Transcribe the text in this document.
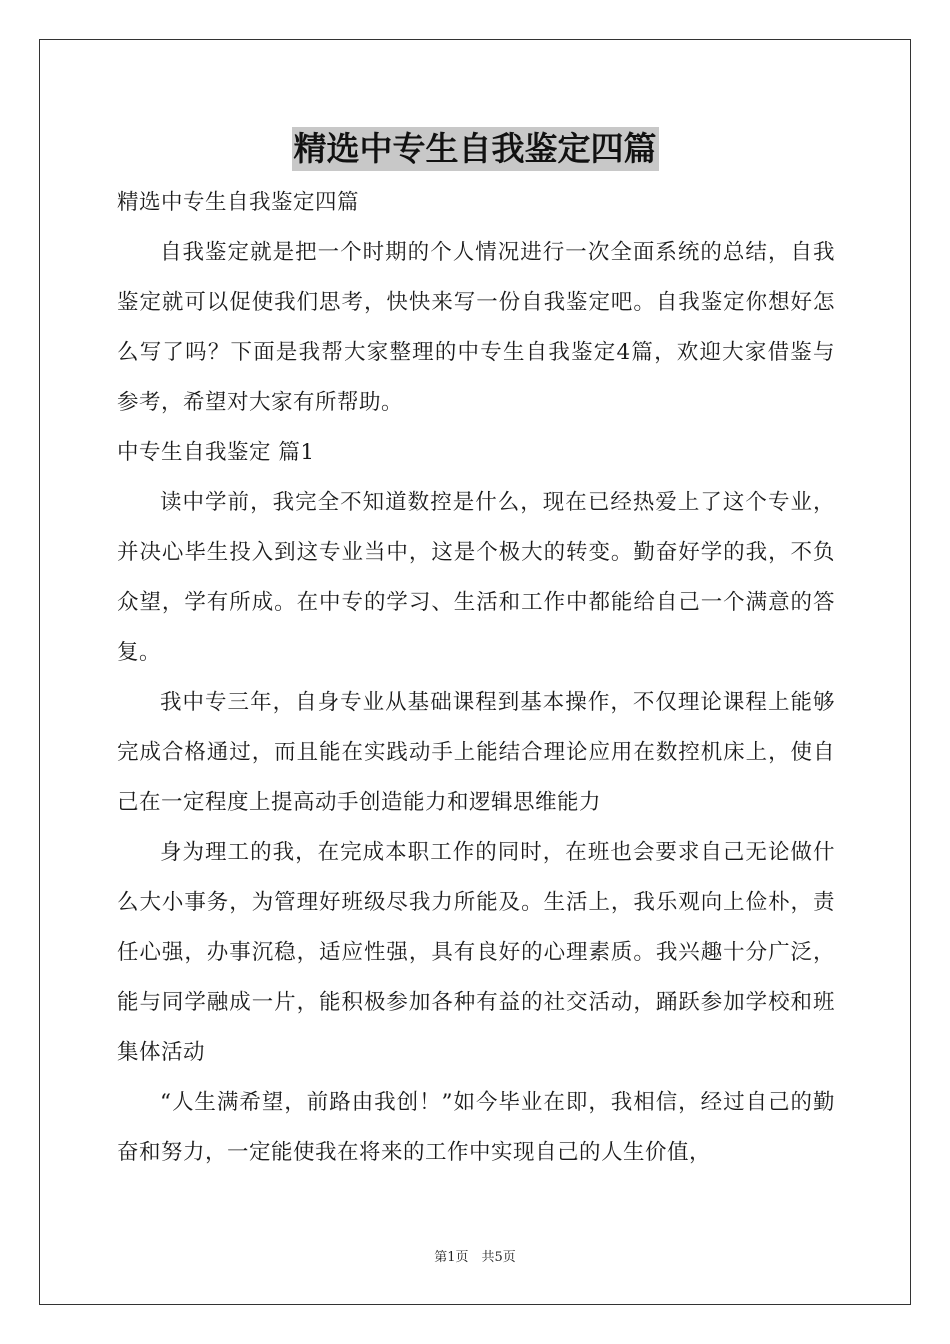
精选中专生自我鉴定四篇

精选中专生自我鉴定四篇

自我鉴定就是把一个时期的个人情况进行一次全面系统的总结，自我鉴定就可以促使我们思考，快快来写一份自我鉴定吧。自我鉴定你想好怎么写了吗？下面是我帮大家整理的中专生自我鉴定4篇，欢迎大家借鉴与参考，希望对大家有所帮助。

中专生自我鉴定 篇1

读中学前，我完全不知道数控是什么，现在已经热爱上了这个专业，并决心毕生投入到这专业当中，这是个极大的转变。勤奋好学的我，不负众望，学有所成。在中专的学习、生活和工作中都能给自己一个满意的答复。

我中专三年，自身专业从基础课程到基本操作，不仅理论课程上能够完成合格通过，而且能在实践动手上能结合理论应用在数控机床上，使自己在一定程度上提高动手创造能力和逻辑思维能力

身为理工的我，在完成本职工作的同时，在班也会要求自己无论做什么大小事务，为管理好班级尽我力所能及。生活上，我乐观向上俭朴，责任心强，办事沉稳，适应性强，具有良好的心理素质。我兴趣十分广泛，能与同学融成一片，能积极参加各种有益的社交活动，踊跃参加学校和班集体活动

“人生满希望，前路由我创！”如今毕业在即，我相信，经过自己的勤奋和努力，一定能使我在将来的工作中实现自己的人生价值，

第1页　共5页
